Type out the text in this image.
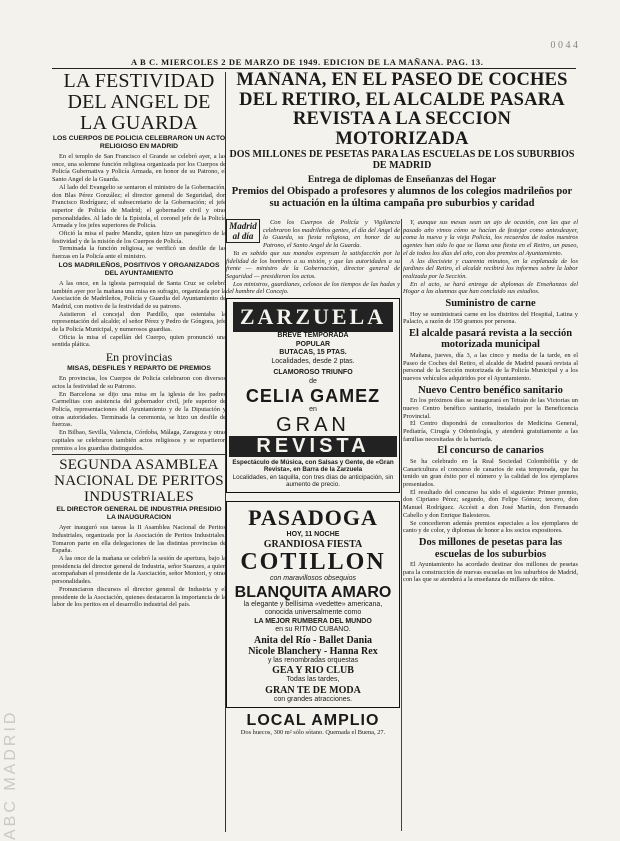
0 0 4 4
A B C. MIERCOLES 2 DE MARZO DE 1949. EDICION DE LA MAÑANA. PAG. 13.
ABC MADRID
LA FESTIVIDAD DEL ANGEL DE LA GUARDA
LOS CUERPOS DE POLICIA CELEBRARON UN ACTO RELIGIOSO EN MADRID

En el templo de San Francisco el Grande se celebró ayer, a las once, una solemne función religiosa organizada por los Cuerpos de Policía Gubernativa y Policía Armada, en honor de su Patrono, el Santo Angel de la Guarda.

Al lado del Evangelio se sentaron el ministro de la Gobernación, don Blas Pérez González; el director general de Seguridad, don Francisco Rodríguez; el subsecretario de la Gobernación; el jefe superior de Policía de Madrid; el gobernador civil y otras personalidades. Al lado de la Epístola, el coronel jefe de la Policía Armada y los jefes superiores de Policía.

Ofició la misa el padre Mandiz, quien hizo un panegírico de la festividad y de la misión de los Cuerpos de Policía.

Terminada la función religiosa, se verificó un desfile de las fuerzas en la Policía ante el ministro.

LOS MADRILEÑOS, POSITIVOS Y ORGANIZADOS DEL AYUNTAMIENTO

A las once, en la iglesia parroquial de Santa Cruz se celebró también ayer por la mañana una misa en sufragio, organizada por la Asociación de Madrileños, Policía y Guardia del Ayuntamiento de Madrid, con motivo de la festividad de su patrono.

Asistieron el concejal don Pardillo, que ostentaba la representación del alcalde; el señor Pérez y Pedro de Góngora, jefe de la Policía Municipal, y numerosos guardias.

Oficia la misa el capellán del Cuerpo, quien pronunció una sentida plática.

En provincias
MISAS, DESFILES Y REPARTO DE PREMIOS

En provincias, los Cuerpos de Policía celebraron con diversos actos la festividad de su Patrono.

En Barcelona se dijo una misa en la iglesia de los padres Carmelitas con asistencia del gobernador civil, jefe superior de Policía, representaciones del Ayuntamiento y de la Diputación y otras autoridades. Terminada la ceremonia, se hizo un desfile de fuerzas.

En Bilbao, Sevilla, Valencia, Córdoba, Málaga, Zaragoza y otras capitales se celebraron también actos religiosos y se repartieron premios a los guardias distinguidos.

SEGUNDA ASAMBLEA NACIONAL DE PERITOS INDUSTRIALES
EL DIRECTOR GENERAL DE INDUSTRIA PRESIDIO LA INAUGURACION

Ayer inauguró sus tareas la II Asamblea Nacional de Peritos Industriales, organizada por la Asociación de Peritos Industriales. Tomaron parte en ella delegaciones de las distintas provincias de España.

A las once de la mañana se celebró la sesión de apertura, bajo la presidencia del director general de Industria, señor Suanzes, a quien acompañaban el presidente de la Asociación, señor Moniori, y otras personalidades.

Pronunciaron discursos el director general de Industria y el presidente de la Asociación, quienes destacaron la importancia de la labor de los peritos en el desarrollo industrial del país.

MAÑANA, EN EL PASEO DE COCHES DEL RETIRO, EL ALCALDE PASARA REVISTA A LA SECCION MOTORIZADA
DOS MILLONES DE PESETAS PARA LAS ESCUELAS DE LOS SUBURBIOS DE MADRID
Entrega de diplomas de Enseñanzas del Hogar
Premios del Obispado a profesores y alumnos de los colegios madrileños por su actuación en la última campaña pro suburbios y caridad
Madrid al día

Con los Cuerpos de Policía y Vigilancia celebraron los madrileños gentes, el día del Angel de la Guarda, su fiesta religiosa, en honor de su Patrono, el Santo Angel de la Guarda.

Ya es sabido que sus mandos expresan la satisfacción por la fidelidad de los hombres a su misión, y que las autoridades a su frente — ministro de la Gobernación, director general de Seguridad — presidieron los actos.

Los ministros, guardianes, celosos de los tiempos de las hadas y del hambre del Concejo.

ZARZUELA
BREVE TEMPORADA
POPULAR
BUTACAS, 15 PTAS.
Localidades, desde 2 ptas.
CLAMOROSO TRIUNFO
de
CELIA GAMEZ
en
GRAN
REVISTA
Espectáculo de Música, con Salsas y Gente, de «Gran Revista», en Barra de la Zarzuela
Localidades, en taquilla, con tres días de anticipación, sin aumento de precio.
PASADOGA
HOY, 11 NOCHE
GRANDIOSA FIESTA
COTILLON
con maravillosos obsequios
BLANQUITA AMARO
la elegante y bellísima «vedette» americana, conocida universalmente como
LA MEJOR RUMBERA DEL MUNDO
en su RITMO CUBANO.
Anita del Río - Ballet Dania
Nicole Blanchery - Hanna Rex
y las renombradas orquestas
GEA Y RIO CLUB
Todas las tardes,
GRAN TE DE MODA
con grandes atracciones.
LOCAL AMPLIO
Dos huecos, 300 m² sólo sótano. Quemada el Buena, 27.

Y, aunque sus mesas sean un ajo de ocasión, con las que el pasado año vimos cómo se hacían de festejar como antesdeayer, coma la nueva y la vieja Policía, los recuerdos de todos nuestros agentes han sido lo que se llama una fiesta en el Retiro, un paseo, el de todos los días del año, con dos premios al Ayuntamiento.

A las diecisiete y cuarenta minutos, en la explanada de los jardines del Retiro, el alcalde recibirá los informes sobre la labor realizada por la Sección.

En el acto, se hará entrega de diplomas de Enseñanzas del Hogar a las alumnas que han concluido sus estudios.

Suministro de carne

Hoy se suministrará carne en los distritos del Hospital, Latina y Palacio, a razón de 150 gramos por persona.

El alcalde pasará revista a la sección motorizada municipal

Mañana, jueves, día 3, a las cinco y media de la tarde, en el Paseo de Coches del Retiro, el alcalde de Madrid pasará revista al personal de la Sección motorizada de la Policía Municipal y a los nuevos vehículos adquiridos por el Ayuntamiento.

Nuevo Centro benéfico sanitario

En los próximos días se inaugurará en Tetuán de las Victorias un nuevo Centro benéfico sanitario, instalado por la Beneficencia Provincial.

El Centro dispondrá de consultorios de Medicina General, Pediatría, Cirugía y Odontología, y atenderá gratuitamente a las familias necesitadas de la barriada.

El concurso de canarios

Se ha celebrado en la Real Sociedad Colombófila y de Canaricultura el concurso de canarios de esta temporada, que ha tenido un gran éxito por el número y la calidad de los ejemplares presentados.

El resultado del concurso ha sido el siguiente: Primer premio, don Cipriano Pérez; segundo, don Felipe Gómez; tercero, don Manuel Rodríguez. Accésit a don José Martín, don Fernando Cabello y don Enrique Balesteros.

Se concedieron además premios especiales a los ejemplares de canto y de color, y diplomas de honor a los socios expositores.

Dos millones de pesetas para las escuelas de los suburbios

El Ayuntamiento ha acordado destinar dos millones de pesetas para la construcción de nuevas escuelas en los suburbios de Madrid, con las que se atenderá a la enseñanza de millares de niños.
